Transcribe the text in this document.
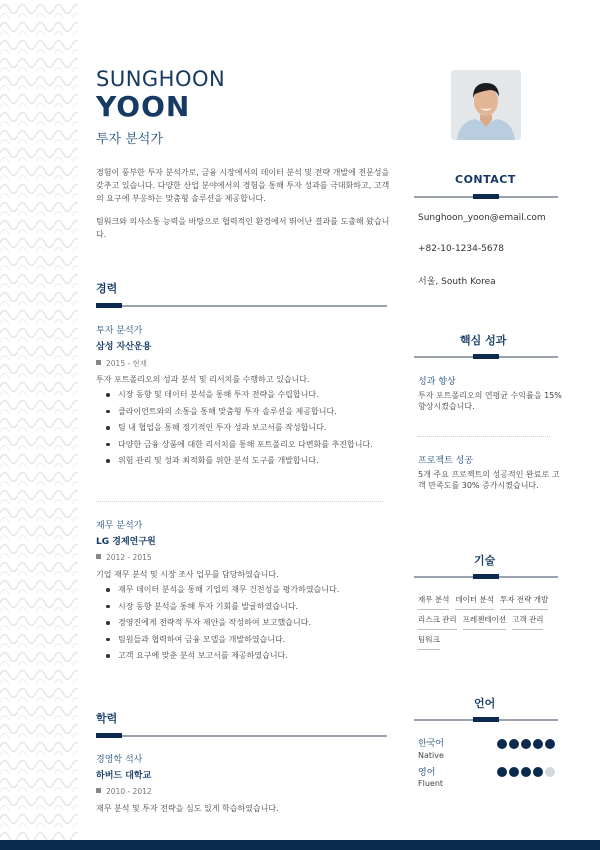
SUNGHOON
YOON
투자 분석가

경험이 풍부한 투자 분석가로, 금융 시장에서의 데이터 분석 및 전략 개발에 전문성을 갖추고 있습니다. 다양한 산업 분야에서의 경험을 통해 투자 성과를 극대화하고, 고객의 요구에 부응하는 맞춤형 솔루션을 제공합니다.

팀워크와 의사소통 능력을 바탕으로 협력적인 환경에서 뛰어난 결과를 도출해 왔습니다.

경력
투자 분석가
삼성 자산운용
2015 - 현재
투자 포트폴리오의 성과 분석 및 리서치를 수행하고 있습니다.
시장 동향 및 데이터 분석을 통해 투자 전략을 수립합니다.
클라이언트와의 소통을 통해 맞춤형 투자 솔루션을 제공합니다.
팀 내 협업을 통해 정기적인 투자 성과 보고서를 작성합니다.
다양한 금융 상품에 대한 리서치를 통해 포트폴리오 다변화를 추진합니다.
위험 관리 및 성과 최적화를 위한 분석 도구를 개발합니다.
재무 분석가
LG 경제연구원
2012 - 2015
기업 재무 분석 및 시장 조사 업무를 담당하였습니다.
재무 데이터 분석을 통해 기업의 재무 건전성을 평가하였습니다.
시장 동향 분석을 통해 투자 기회를 발굴하였습니다.
경영진에게 전략적 투자 제안을 작성하여 보고했습니다.
팀원들과 협력하여 금융 모델을 개발하였습니다.
고객 요구에 맞춘 분석 보고서를 제공하였습니다.
학력
경영학 석사
하버드 대학교
2010 - 2012
재무 분석 및 투자 전략을 심도 있게 학습하였습니다.
CONTACT
Sunghoon_yoon@email.com
+82-10-1234-5678
서울, South Korea
핵심 성과
성과 향상
투자 포트폴리오의 연평균 수익률을 15% 향상시켰습니다.
프로젝트 성공
5개 주요 프로젝트의 성공적인 완료로 고객 만족도를 30% 증가시켰습니다.
기술
재무 분석 데이터 분석 투자 전략 개발
리스크 관리 프레젠테이션 고객 관리
팀워크
언어
한국어
Native
영어
Fluent
